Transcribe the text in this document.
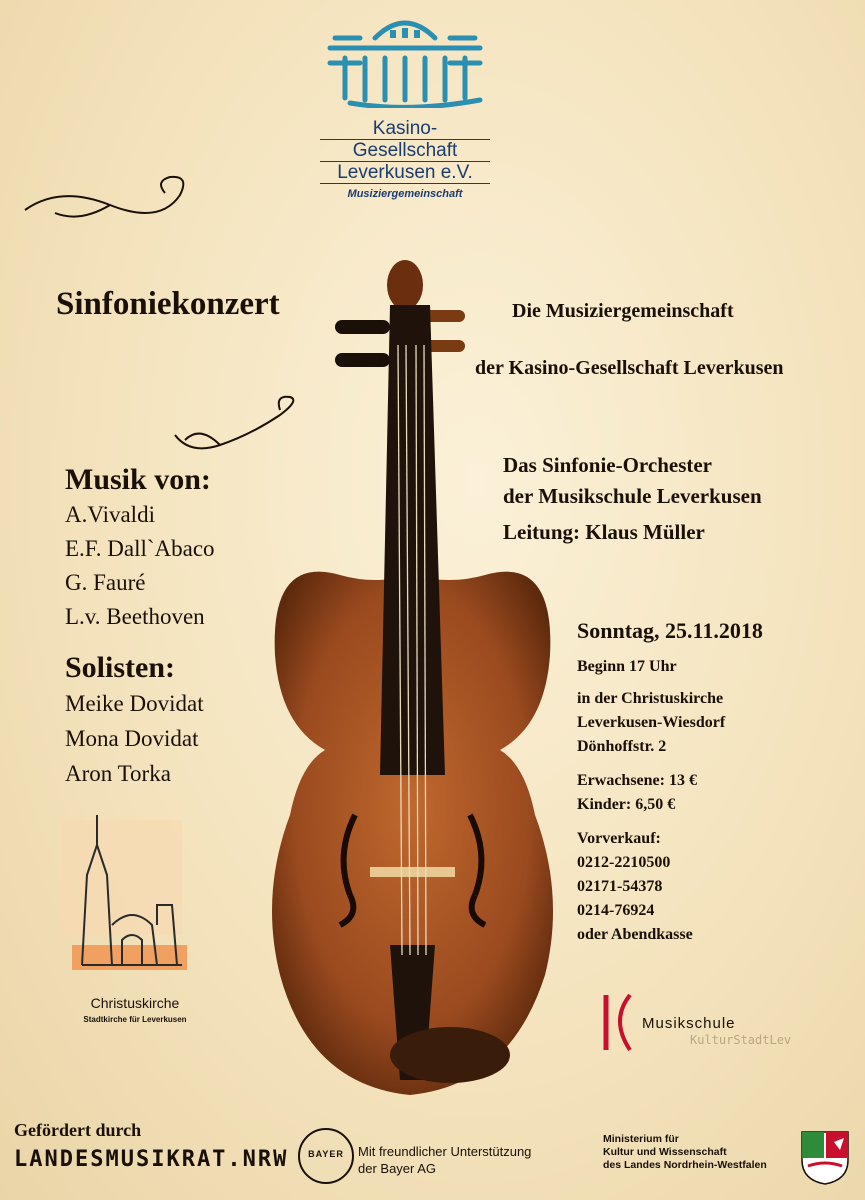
Kasino-
Gesellschaft
Leverkusen e.V.
Musiziergemeinschaft
Sinfoniekonzert	Die Musiziergemeinschaft
der Kasino-Gesellschaft Leverkusen
Das Sinfonie-Orchester
der Musikschule Leverkusen
Leitung: Klaus Müller
Musik von:
A.Vivaldi
E.F. Dall`Abaco
G. Fauré
L.v. Beethoven
Solisten:
Meike Dovidat
Mona Dovidat
Aron Torka
Sonntag, 25.11.2018
Beginn 17 Uhr
in der Christuskirche
Leverkusen-Wiesdorf
Dönhoffstr. 2
Erwachsene: 13 €
Kinder: 6,50 €
Vorverkauf:
0212-2210500
02171-54378
0214-76924
oder Abendkasse
Christuskirche
Stadtkirche für Leverkusen	Musikschule
KulturStadtLev
Gefördert durch
LANDESMUSIKRAT.NRW	BAYER	Mit freundlicher Unterstützung
der Bayer AG
Ministerium für
Kultur und Wissenschaft
des Landes Nordrhein-Westfalen
